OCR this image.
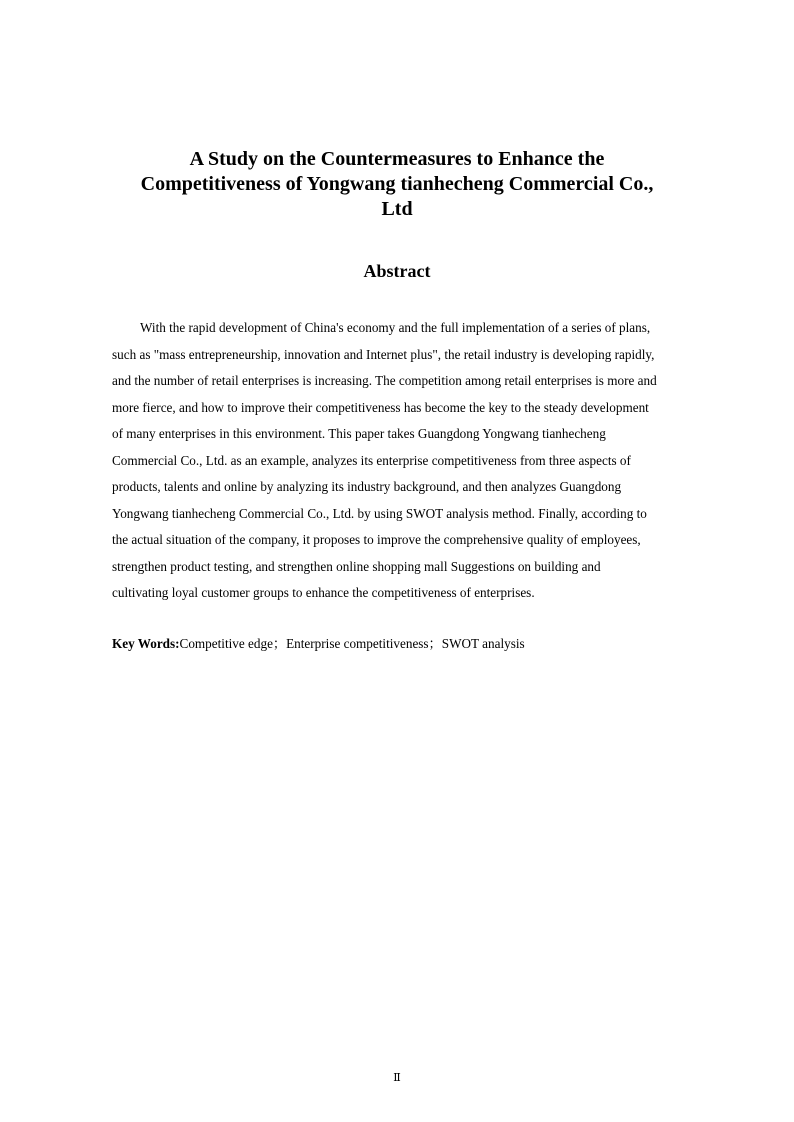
A Study on the Countermeasures to Enhance the
Competitiveness of Yongwang tianhecheng Commercial Co.,
Ltd
Abstract
With the rapid development of China's economy and the full implementation of a series of plans,
such as "mass entrepreneurship, innovation and Internet plus", the retail industry is developing rapidly,
and the number of retail enterprises is increasing. The competition among retail enterprises is more and
more fierce, and how to improve their competitiveness has become the key to the steady development
of many enterprises in this environment. This paper takes Guangdong Yongwang tianhecheng
Commercial Co., Ltd. as an example, analyzes its enterprise competitiveness from three aspects of
products, talents and online by analyzing its industry background, and then analyzes Guangdong
Yongwang tianhecheng Commercial Co., Ltd. by using SWOT analysis method. Finally, according to
the actual situation of the company, it proposes to improve the comprehensive quality of employees,
strengthen product testing, and strengthen online shopping mall Suggestions on building and
cultivating loyal customer groups to enhance the competitiveness of enterprises.

Key Words:Competitive edge；Enterprise competitiveness；SWOT analysis

Ⅱ
